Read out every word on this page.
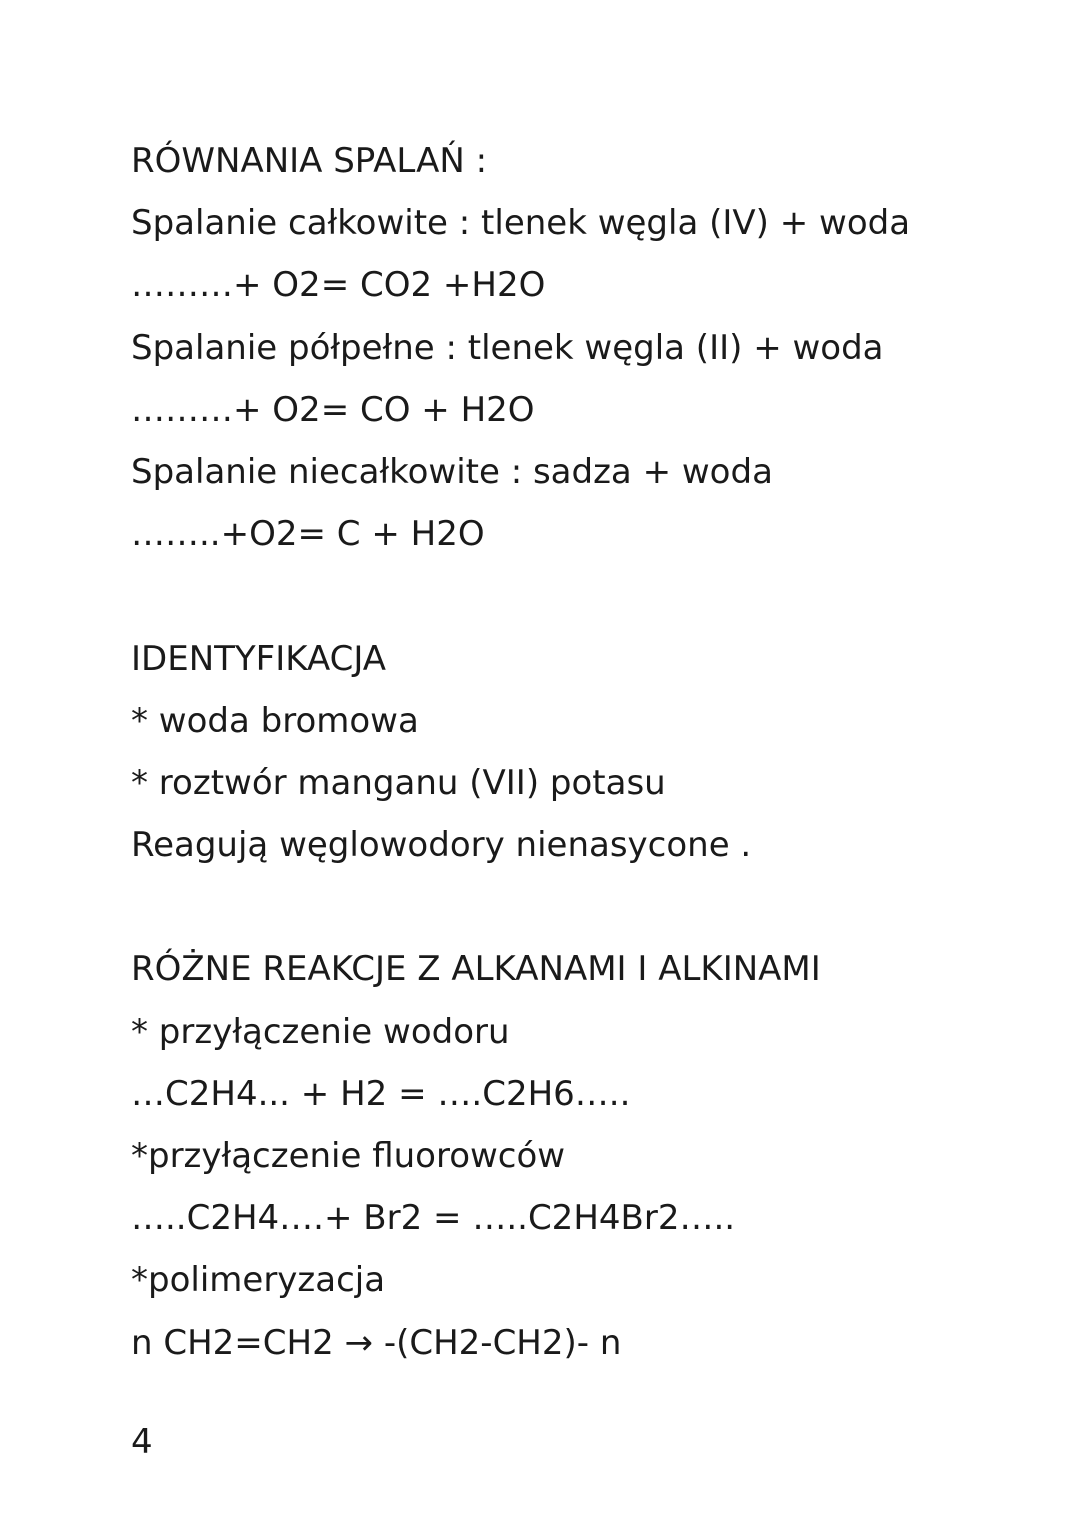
RÓWNANIA SPALAŃ :
Spalanie całkowite : tlenek węgla (IV) + woda
………+ O2= CO2 +H2O
Spalanie półpełne : tlenek węgla (II) + woda
………+ O2= CO + H2O
Spalanie niecałkowite : sadza + woda
……..+O2= C + H2O
IDENTYFIKACJA
* woda bromowa
* roztwór manganu (VII) potasu
Reagują węglowodory nienasycone .
RÓŻNE REAKCJE Z ALKANAMI I ALKINAMI
* przyłączenie wodoru
…C2H4... + H2 = ….C2H6…..
*przyłączenie fluorowców
…..C2H4….+ Br2 = …..C2H4Br2…..
*polimeryzacja
n CH2=CH2 → -(CH2-CH2)- n
4
